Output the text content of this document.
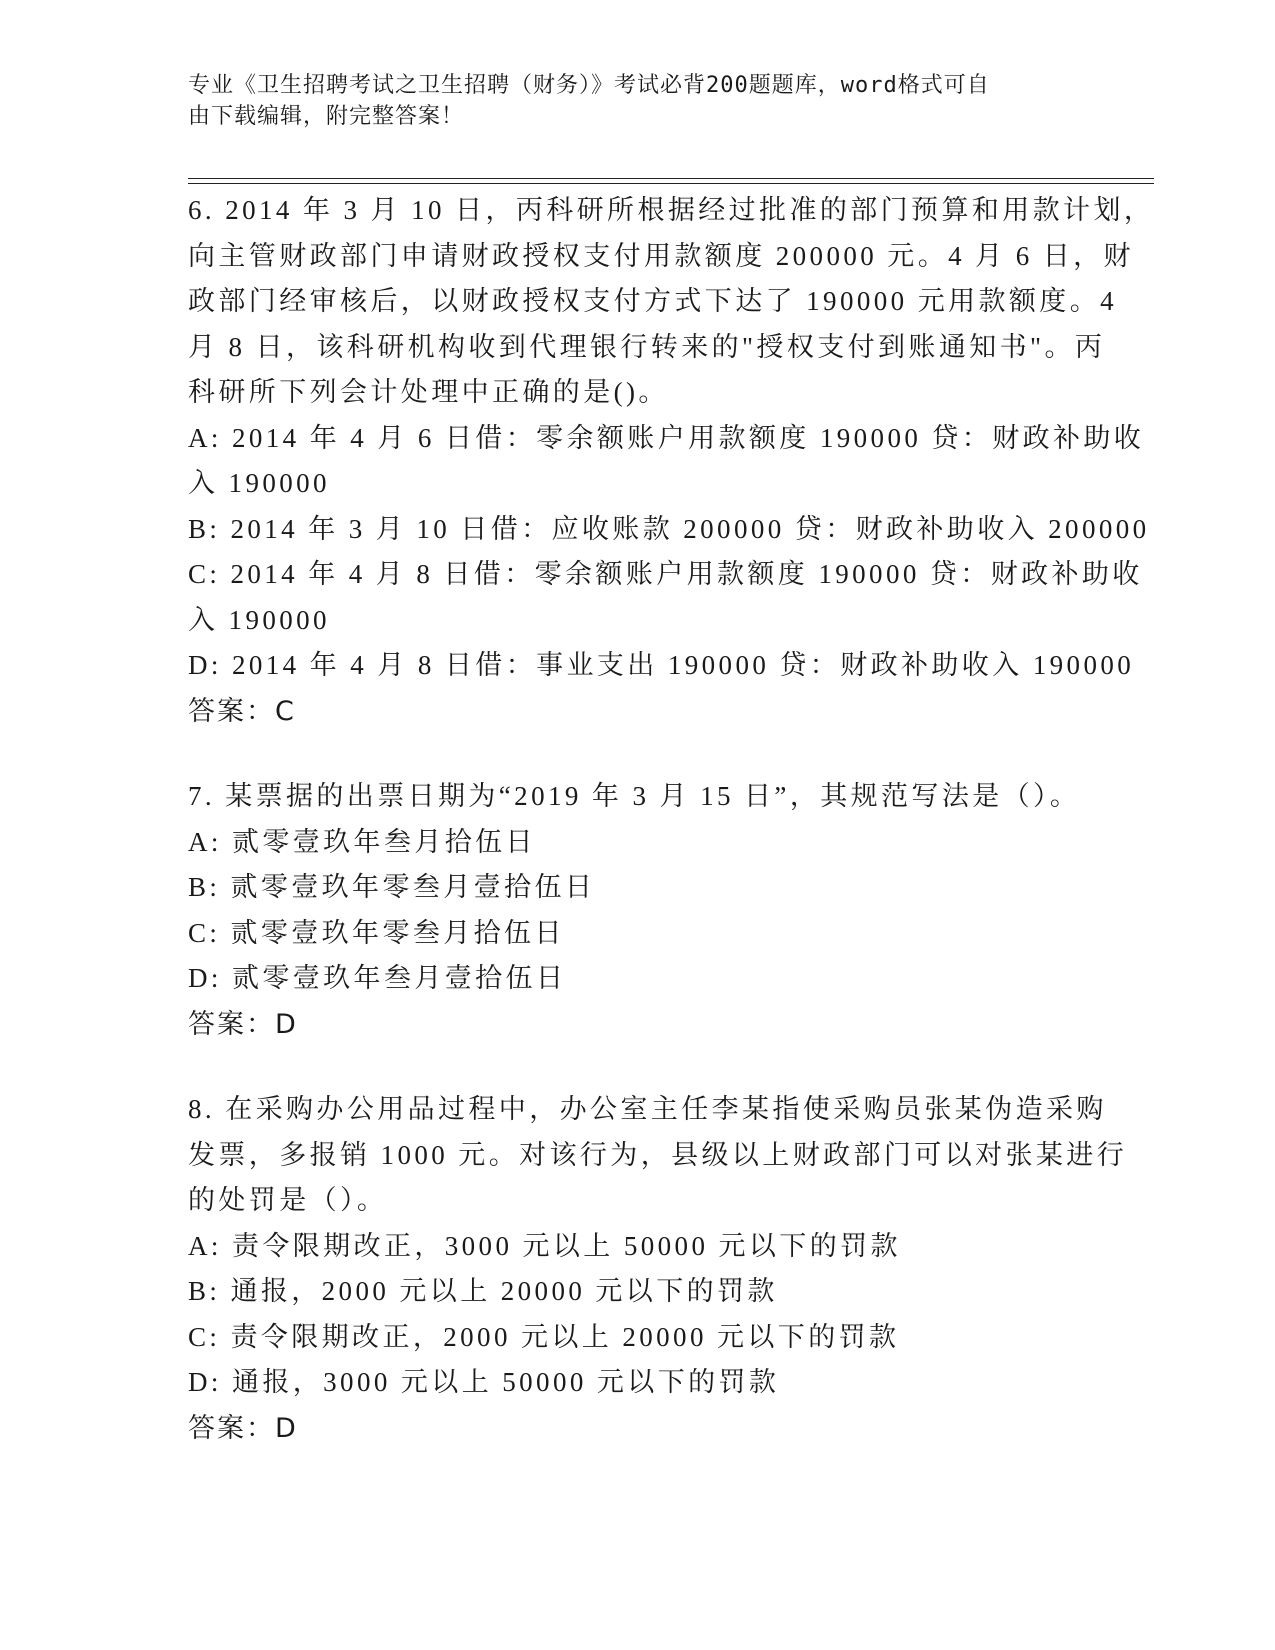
专业《卫生招聘考试之卫生招聘（财务）》考试必背200题题库，word格式可自
由下载编辑，附完整答案！
6. 2014 年 3 月 10 日，丙科研所根据经过批准的部门预算和用款计划，
向主管财政部门申请财政授权支付用款额度 200000 元。4 月 6 日，财
政部门经审核后，以财政授权支付方式下达了 190000 元用款额度。4
月 8 日，该科研机构收到代理银行转来的"授权支付到账通知书"。丙
科研所下列会计处理中正确的是()。
A: 2014 年 4 月 6 日借：零余额账户用款额度 190000 贷：财政补助收
入 190000
B: 2014 年 3 月 10 日借：应收账款 200000 贷：财政补助收入 200000
C: 2014 年 4 月 8 日借：零余额账户用款额度 190000 贷：财政补助收
入 190000
D: 2014 年 4 月 8 日借：事业支出 190000 贷：财政补助收入 190000
答案：C
7. 某票据的出票日期为“2019 年 3 月 15 日”，其规范写法是（）。
A: 贰零壹玖年叁月拾伍日
B: 贰零壹玖年零叁月壹拾伍日
C: 贰零壹玖年零叁月拾伍日
D: 贰零壹玖年叁月壹拾伍日
答案：D
8. 在采购办公用品过程中，办公室主任李某指使采购员张某伪造采购
发票，多报销 1000 元。对该行为，县级以上财政部门可以对张某进行
的处罚是（）。
A: 责令限期改正，3000 元以上 50000 元以下的罚款
B: 通报，2000 元以上 20000 元以下的罚款
C: 责令限期改正，2000 元以上 20000 元以下的罚款
D: 通报，3000 元以上 50000 元以下的罚款
答案：D
